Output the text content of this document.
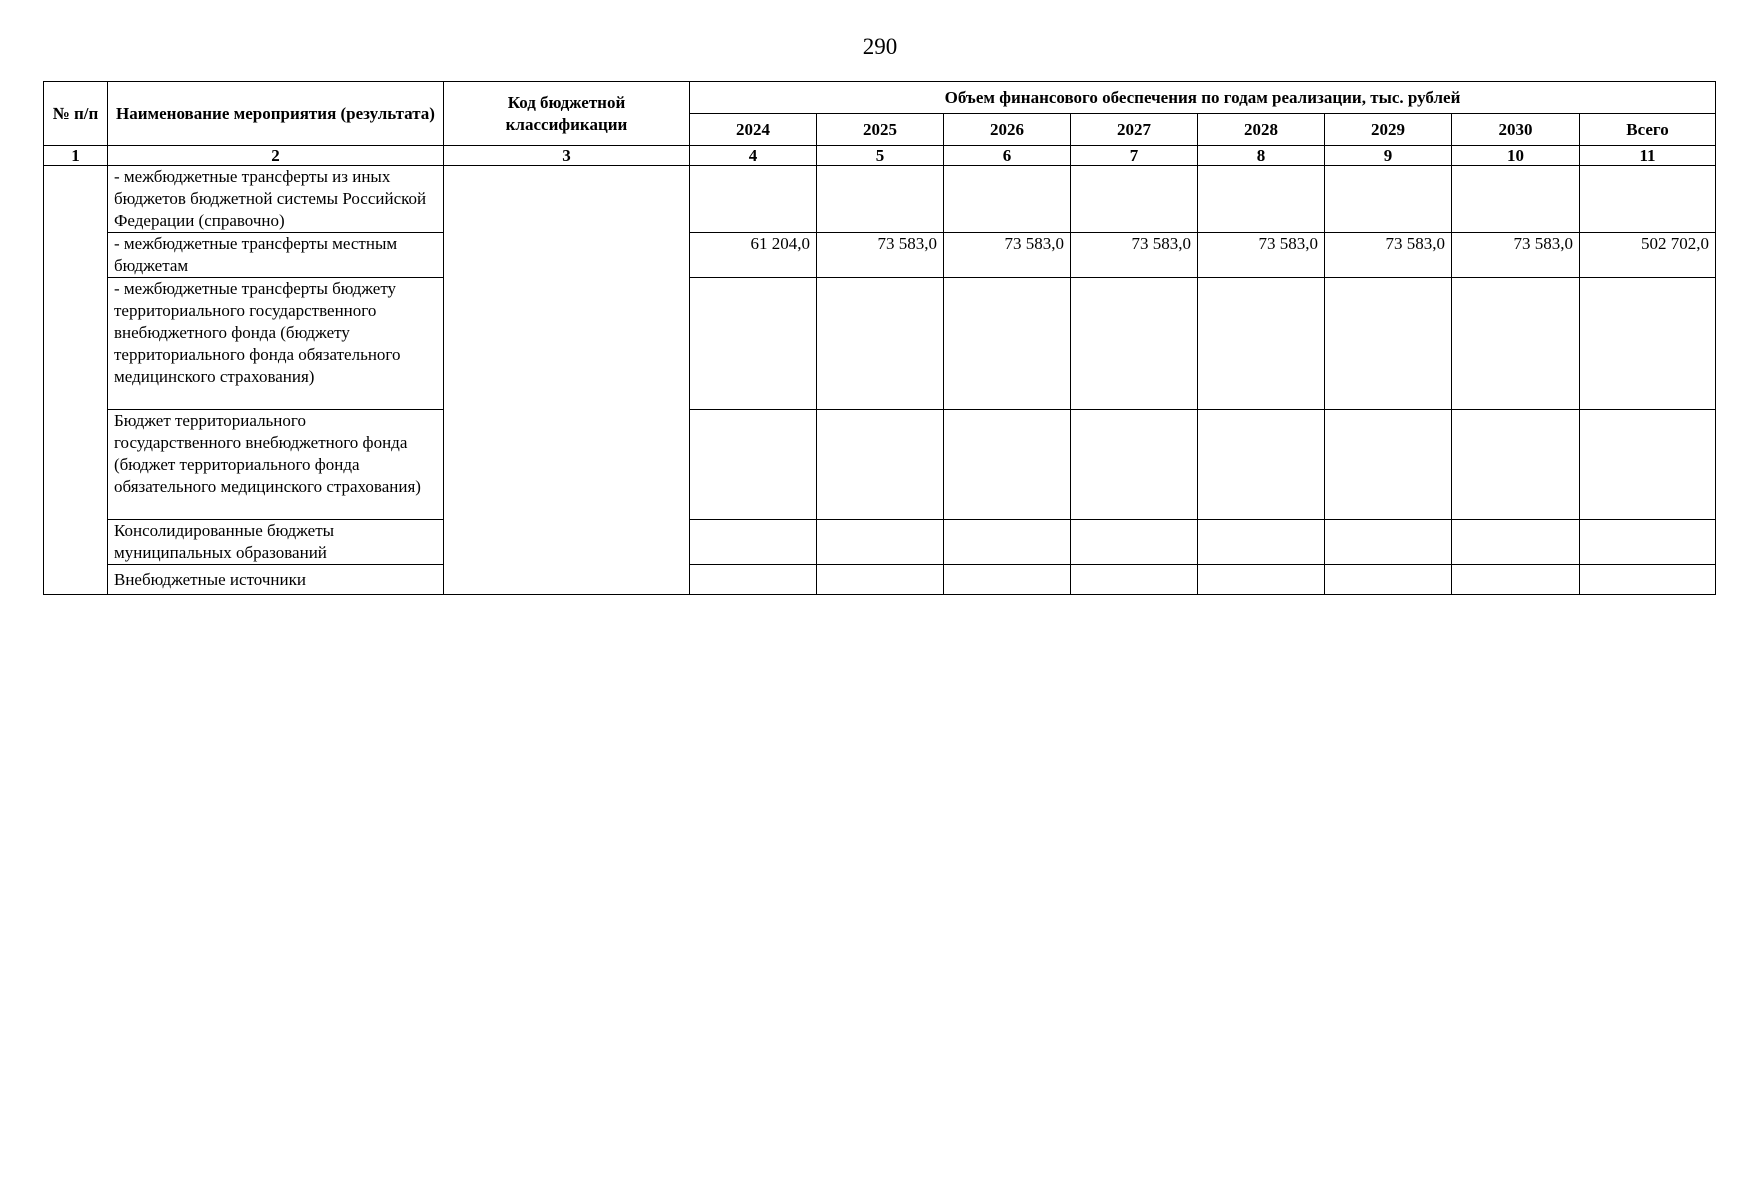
290
№ п/п	Наименование мероприятия (результата)	Код бюджетной классификации	Объем финансового обеспечения по годам реализации, тыс. рублей							
			2024	2025	2026	2027	2028	2029	2030	Всего
1	2	3	4	5	6	7	8	9	10	11
	- межбюджетные трансферты из иных бюджетов бюджетной системы Российской Федерации (справочно)									
	- межбюджетные трансферты местным бюджетам		61 204,0	73 583,0	73 583,0	73 583,0	73 583,0	73 583,0	73 583,0	502 702,0
	- межбюджетные трансферты бюджету территориального государственного внебюджетного фонда (бюджету территориального фонда обязательного медицинского страхования)									
	Бюджет территориального государственного внебюджетного фонда (бюджет территориального фонда обязательного медицинского страхования)									
	Консолидированные бюджеты муниципальных образований									
	Внебюджетные источники									
